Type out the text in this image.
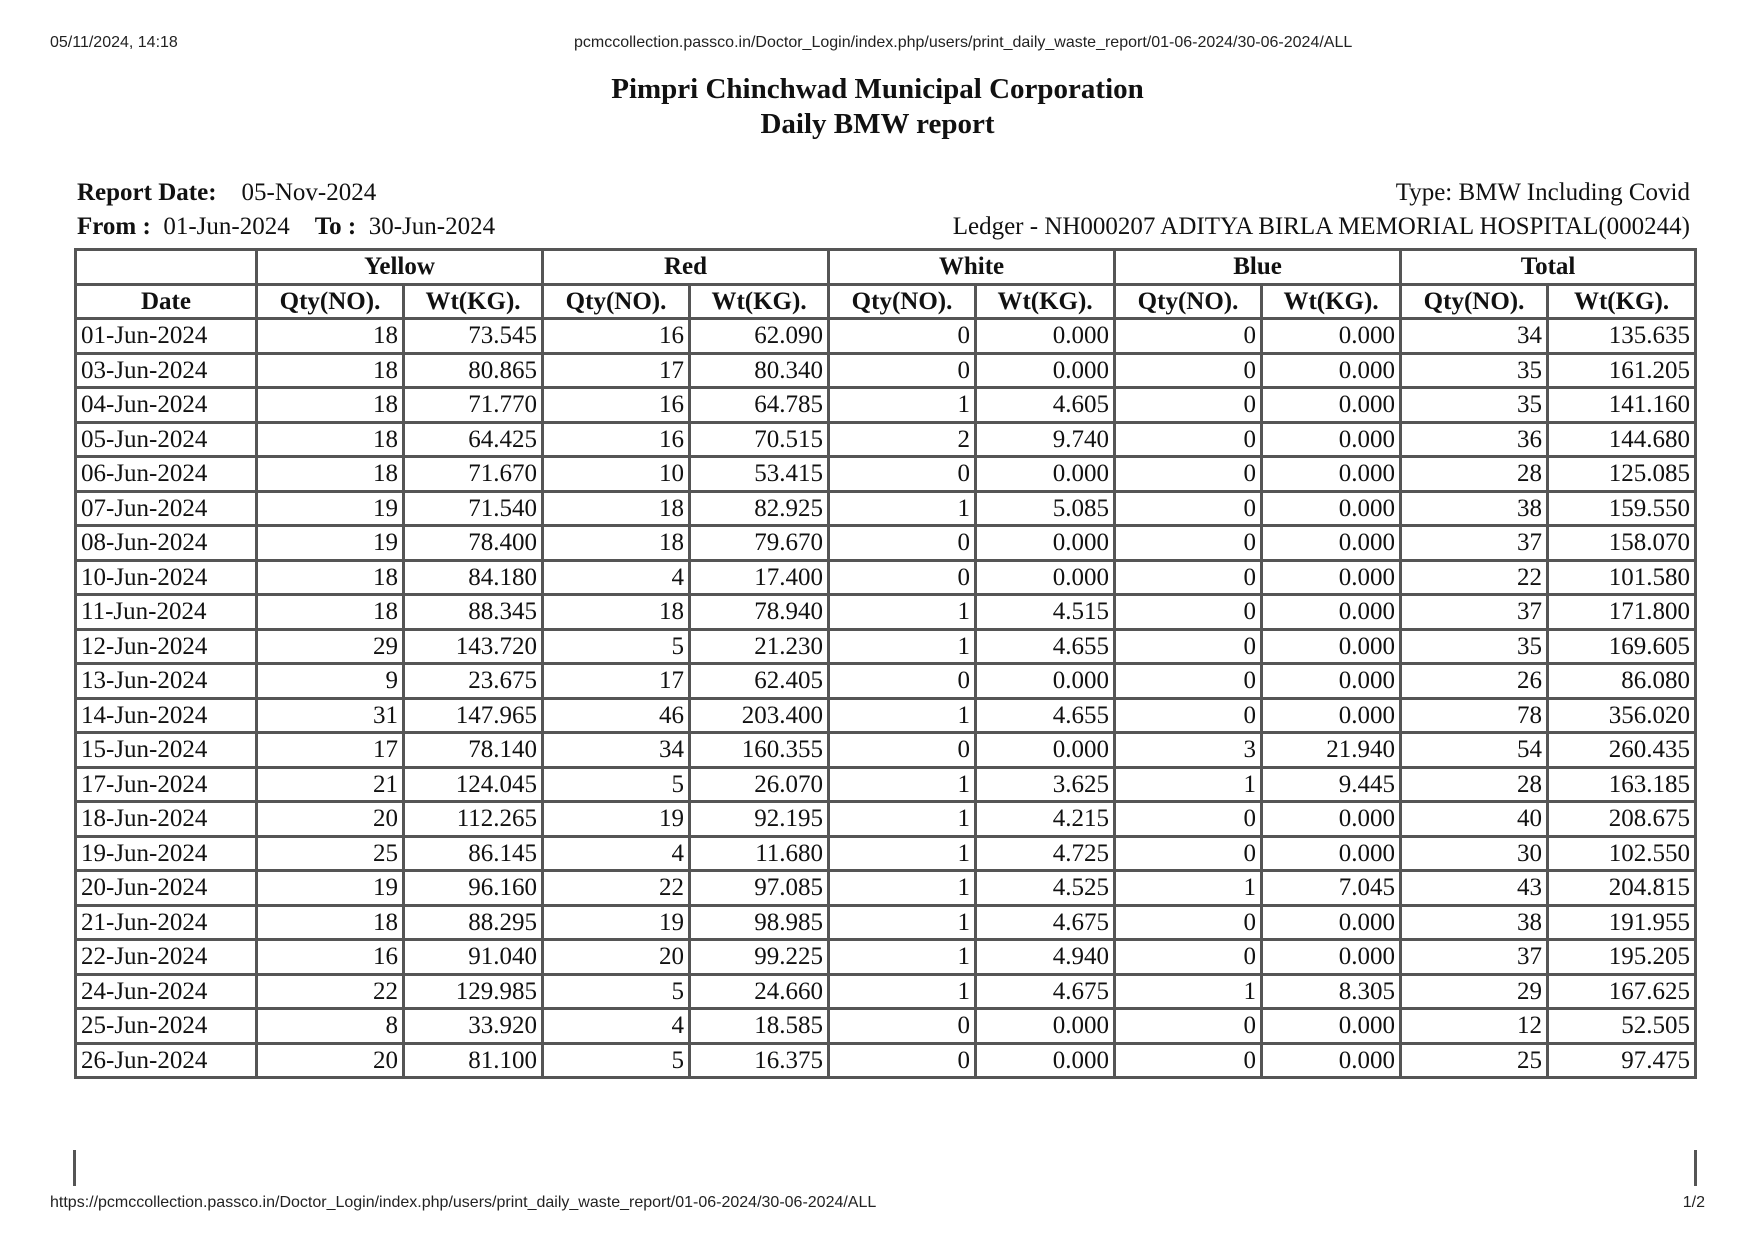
05/11/2024, 14:18	pcmccollection.passco.in/Doctor_Login/index.php/users/print_daily_waste_report/01-06-2024/30-06-2024/ALL
Pimpri Chinchwad Municipal Corporation
Daily BMW report
Report Date: 05-Nov-2024	Type: BMW Including Covid
From : 01-Jun-2024 To : 30-Jun-2024	Ledger - NH000207 ADITYA BIRLA MEMORIAL HOSPITAL(000244)
	Yellow		Red		White		Blue		Total	
Date	Qty(NO).	Wt(KG).	Qty(NO).	Wt(KG).	Qty(NO).	Wt(KG).	Qty(NO).	Wt(KG).	Qty(NO).	Wt(KG).
01-Jun-2024	18	73.545	16	62.090	0	0.000	0	0.000	34	135.635
03-Jun-2024	18	80.865	17	80.340	0	0.000	0	0.000	35	161.205
04-Jun-2024	18	71.770	16	64.785	1	4.605	0	0.000	35	141.160
05-Jun-2024	18	64.425	16	70.515	2	9.740	0	0.000	36	144.680
06-Jun-2024	18	71.670	10	53.415	0	0.000	0	0.000	28	125.085
07-Jun-2024	19	71.540	18	82.925	1	5.085	0	0.000	38	159.550
08-Jun-2024	19	78.400	18	79.670	0	0.000	0	0.000	37	158.070
10-Jun-2024	18	84.180	4	17.400	0	0.000	0	0.000	22	101.580
11-Jun-2024	18	88.345	18	78.940	1	4.515	0	0.000	37	171.800
12-Jun-2024	29	143.720	5	21.230	1	4.655	0	0.000	35	169.605
13-Jun-2024	9	23.675	17	62.405	0	0.000	0	0.000	26	86.080
14-Jun-2024	31	147.965	46	203.400	1	4.655	0	0.000	78	356.020
15-Jun-2024	17	78.140	34	160.355	0	0.000	3	21.940	54	260.435
17-Jun-2024	21	124.045	5	26.070	1	3.625	1	9.445	28	163.185
18-Jun-2024	20	112.265	19	92.195	1	4.215	0	0.000	40	208.675
19-Jun-2024	25	86.145	4	11.680	1	4.725	0	0.000	30	102.550
20-Jun-2024	19	96.160	22	97.085	1	4.525	1	7.045	43	204.815
21-Jun-2024	18	88.295	19	98.985	1	4.675	0	0.000	38	191.955
22-Jun-2024	16	91.040	20	99.225	1	4.940	0	0.000	37	195.205
24-Jun-2024	22	129.985	5	24.660	1	4.675	1	8.305	29	167.625
25-Jun-2024	8	33.920	4	18.585	0	0.000	0	0.000	12	52.505
26-Jun-2024	20	81.100	5	16.375	0	0.000	0	0.000	25	97.475
https://pcmccollection.passco.in/Doctor_Login/index.php/users/print_daily_waste_report/01-06-2024/30-06-2024/ALL	1/2
